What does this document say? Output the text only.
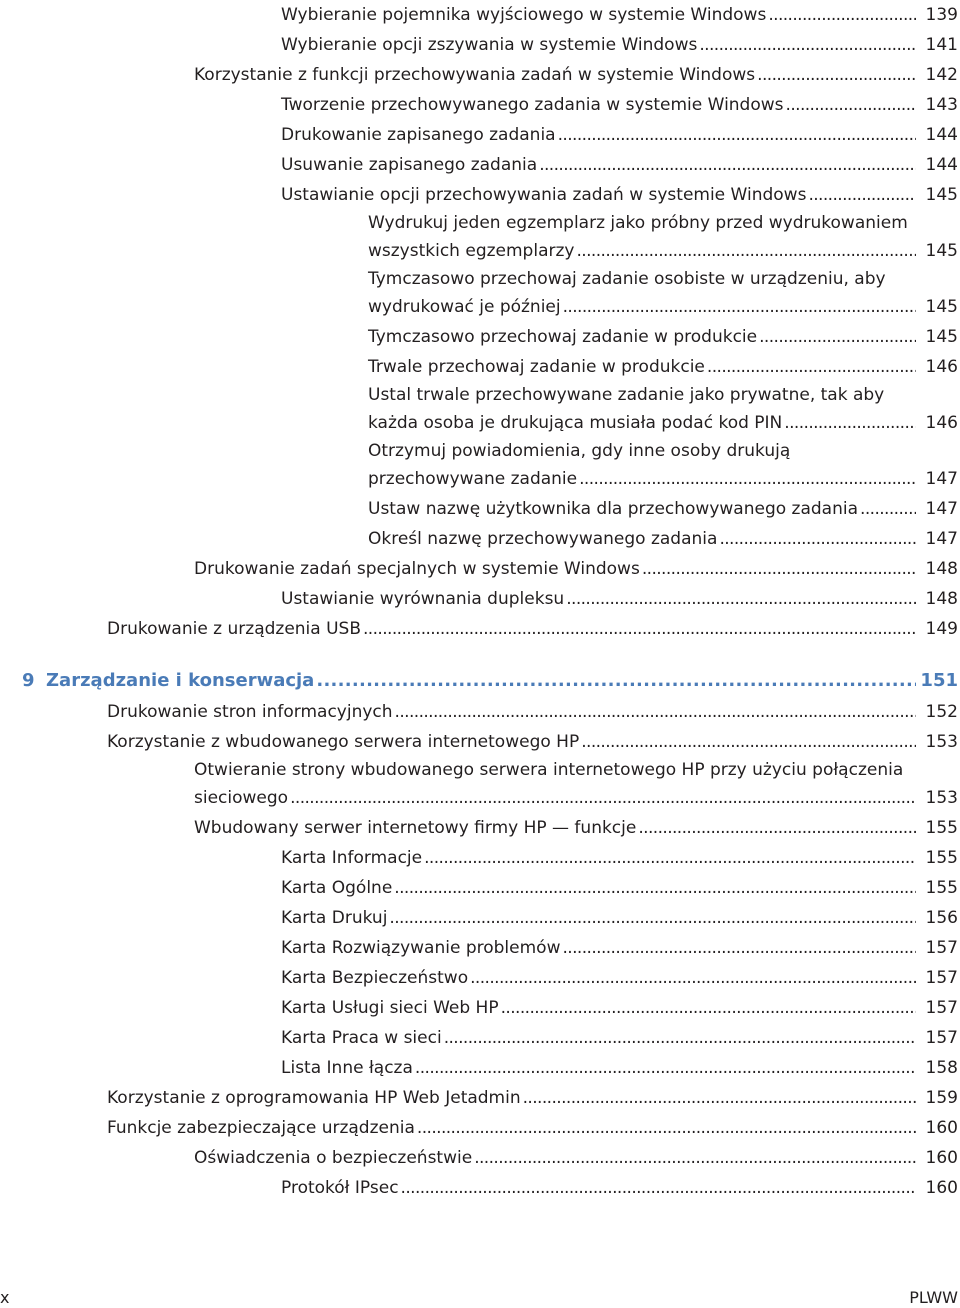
Wybieranie pojemnika wyjściowego w systemie Windows . . .	139
Wybieranie opcji zszywania w systemie Windows . . .	141
Korzystanie z funkcji przechowywania zadań w systemie Windows . . .	142
Tworzenie przechowywanego zadania w systemie Windows . . .	143
Drukowanie zapisanego zadania . . .	144
Usuwanie zapisanego zadania . . .	144
Ustawianie opcji przechowywania zadań w systemie Windows . . .	145
Wydrukuj jeden egzemplarz jako próbny przed wydrukowaniem
wszystkich egzemplarzy . . .	145
Tymczasowo przechowaj zadanie osobiste w urządzeniu, aby
wydrukować je później . . .	145
Tymczasowo przechowaj zadanie w produkcie . . .	145
Trwale przechowaj zadanie w produkcie . . .	146
Ustal trwale przechowywane zadanie jako prywatne, tak aby
każda osoba je drukująca musiała podać kod PIN . . .	146
Otrzymuj powiadomienia, gdy inne osoby drukują
przechowywane zadanie . . .	147
Ustaw nazwę użytkownika dla przechowywanego zadania . . .	147
Określ nazwę przechowywanego zadania . . .	147
Drukowanie zadań specjalnych w systemie Windows . . .	148
Ustawianie wyrównania dupleksu . . .	148
Drukowanie z urządzenia USB . . .	149
9 Zarządzanie i konserwacja . . .	151
Drukowanie stron informacyjnych . . .	152
Korzystanie z wbudowanego serwera internetowego HP . . .	153
Otwieranie strony wbudowanego serwera internetowego HP przy użyciu połączenia
sieciowego . . .	153
Wbudowany serwer internetowy firmy HP — funkcje . . .	155
Karta Informacje . . .	155
Karta Ogólne . . .	155
Karta Drukuj . . .	156
Karta Rozwiązywanie problemów . . .	157
Karta Bezpieczeństwo . . .	157
Karta Usługi sieci Web HP . . .	157
Karta Praca w sieci . . .	157
Lista Inne łącza . . .	158
Korzystanie z oprogramowania HP Web Jetadmin . . .	159
Funkcje zabezpieczające urządzenia . . .	160
Oświadczenia o bezpieczeństwie . . .	160
Protokół IPsec . . .	160
x	PLWW
